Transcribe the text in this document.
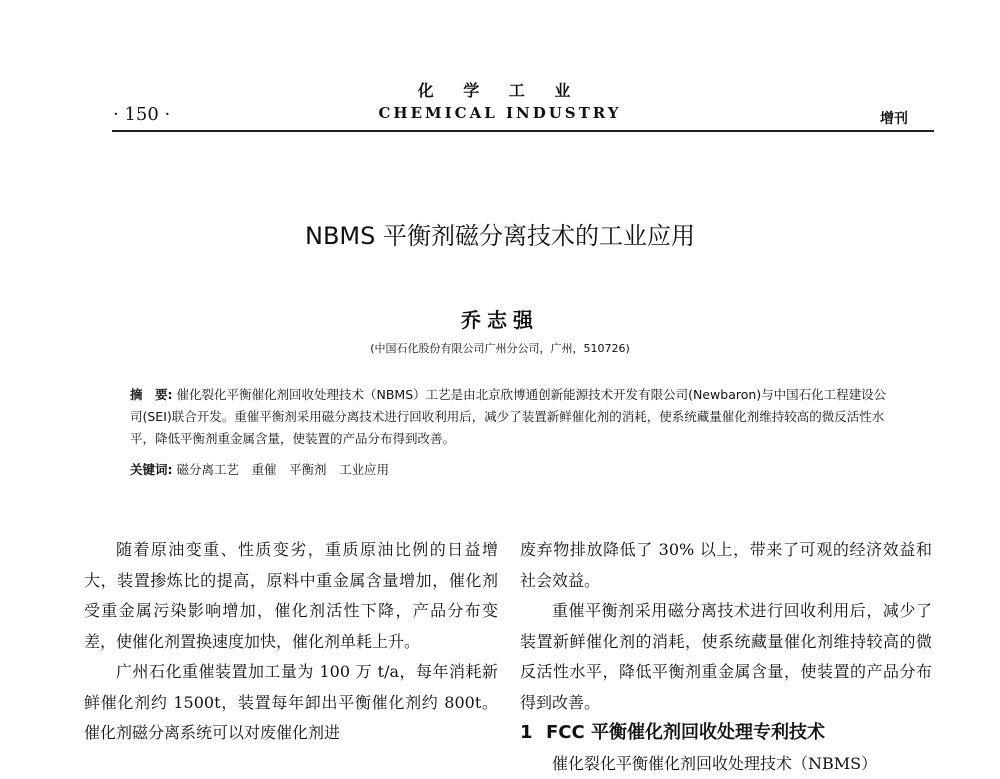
化 学 工 业
· 150 ·	CHEMICAL INDUSTRY	增刊
NBMS 平衡剂磁分离技术的工业应用
乔志强
(中国石化股份有限公司广州分公司，广州，510726)
摘　要: 催化裂化平衡催化剂回收处理技术（NBMS）工艺是由北京欣博通创新能源技术开发有限公司(Newbaron)与中国石化工程建设公司(SEI)联合开发。重催平衡剂采用磁分离技术进行回收利用后，减少了装置新鲜催化剂的消耗，使系统藏量催化剂维持较高的微反活性水平，降低平衡剂重金属含量，使装置的产品分布得到改善。
关键词: 磁分离工艺　重催　平衡剂　工业应用

随着原油变重、性质变劣，重质原油比例的日益增大，装置掺炼比的提高，原料中重金属含量增加，催化剂受重金属污染影响增加，催化剂活性下降，产品分布变差，使催化剂置换速度加快，催化剂单耗上升。

广州石化重催装置加工量为 100 万 t/a，每年消耗新鲜催化剂约 1500t，装置每年卸出平衡催化剂约 800t。催化剂磁分离系统可以对废催化剂进

废弃物排放降低了 30% 以上，带来了可观的经济效益和社会效益。

重催平衡剂采用磁分离技术进行回收利用后，减少了装置新鲜催化剂的消耗，使系统藏量催化剂维持较高的微反活性水平，降低平衡剂重金属含量，使装置的产品分布得到改善。

1 FCC 平衡催化剂回收处理专利技术

催化裂化平衡催化剂回收处理技术（NBMS）
